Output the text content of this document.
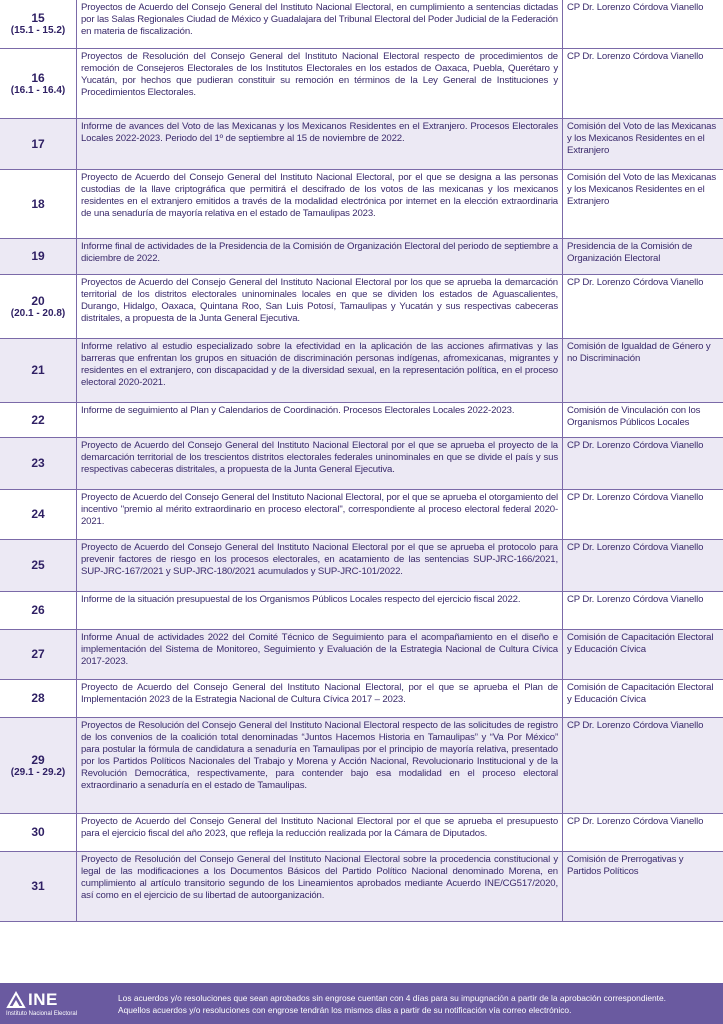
15
(15.1 - 15.2)
Proyectos de Acuerdo del Consejo General del Instituto Nacional Electoral, en cumplimiento a sentencias dictadas por las Salas Regionales Ciudad de México y Guadalajara del Tribunal Electoral del Poder Judicial de la Federación en materia de fiscalización.
CP Dr. Lorenzo Córdova Vianello
16
(16.1 - 16.4)
Proyectos de Resolución del Consejo General del Instituto Nacional Electoral respecto de procedimientos de remoción de Consejeros Electorales de los Institutos Electorales en los estados de Oaxaca, Puebla, Querétaro y Yucatán, por hechos que pudieran constituir su remoción en términos de la Ley General de Instituciones y Procedimientos Electorales.
CP Dr. Lorenzo Córdova Vianello
17
Informe de avances del Voto de las Mexicanas y los Mexicanos Residentes en el Extranjero. Procesos Electorales Locales 2022-2023. Periodo del 1º de septiembre al 15 de noviembre de 2022.
Comisión del Voto de las Mexicanas y los Mexicanos Residentes en el Extranjero
18
Proyecto de Acuerdo del Consejo General del Instituto Nacional Electoral, por el que se designa a las personas custodias de la llave criptográfica que permitirá el descifrado de los votos de las mexicanas y los mexicanos residentes en el extranjero emitidos a través de la modalidad electrónica por internet en la elección extraordinaria de una senaduría de mayoría relativa en el estado de Tamaulipas 2023.
Comisión del Voto de las Mexicanas y los Mexicanos Residentes en el Extranjero
19
Informe final de actividades de la Presidencia de la Comisión de Organización Electoral del periodo de septiembre a diciembre de 2022.
Presidencia de la Comisión de Organización Electoral
20
(20.1 - 20.8)
Proyectos de Acuerdo del Consejo General del Instituto Nacional Electoral por los que se aprueba la demarcación territorial de los distritos electorales uninominales locales en que se dividen los estados de Aguascalientes, Durango, Hidalgo, Oaxaca, Quintana Roo, San Luis Potosí, Tamaulipas y Yucatán y sus respectivas cabeceras distritales, a propuesta de la Junta General Ejecutiva.
CP Dr. Lorenzo Córdova Vianello
21
Informe relativo al estudio especializado sobre la efectividad en la aplicación de las acciones afirmativas y las barreras que enfrentan los grupos en situación de discriminación personas indígenas, afromexicanas, migrantes y residentes en el extranjero, con discapacidad y de la diversidad sexual, en la representación política, en el proceso electoral 2020-2021.
Comisión de Igualdad de Género y no Discriminación
22
Informe de seguimiento al Plan y Calendarios de Coordinación. Procesos Electorales Locales 2022-2023.	Comisión de Vinculación con los Organismos Públicos Locales
23
Proyecto de Acuerdo del Consejo General del Instituto Nacional Electoral por el que se aprueba el proyecto de la demarcación territorial de los trescientos distritos electorales federales uninominales en que se divide el país y sus respectivas cabeceras distritales, a propuesta de la Junta General Ejecutiva.
CP Dr. Lorenzo Córdova Vianello
24
Proyecto de Acuerdo del Consejo General del Instituto Nacional Electoral, por el que se aprueba el otorgamiento del incentivo "premio al mérito extraordinario en proceso electoral", correspondiente al proceso electoral federal 2020-2021.
CP Dr. Lorenzo Córdova Vianello
25
Proyecto de Acuerdo del Consejo General del Instituto Nacional Electoral por el que se aprueba el protocolo para prevenir factores de riesgo en los procesos electorales, en acatamiento de las sentencias SUP-JRC-166/2021, SUP-JRC-167/2021 y SUP-JRC-180/2021 acumulados y SUP-JRC-101/2022.
CP Dr. Lorenzo Córdova Vianello
26
Informe de la situación presupuestal de los Organismos Públicos Locales respecto del ejercicio fiscal 2022.	CP Dr. Lorenzo Córdova Vianello
27
Informe Anual de actividades 2022 del Comité Técnico de Seguimiento para el acompañamiento en el diseño e implementación del Sistema de Monitoreo, Seguimiento y Evaluación de la Estrategia Nacional de Cultura Cívica 2017-2023.
Comisión de Capacitación Electoral y Educación Cívica
28
Proyecto de Acuerdo del Consejo General del Instituto Nacional Electoral, por el que se aprueba el Plan de Implementación 2023 de la Estrategia Nacional de Cultura Cívica 2017 – 2023.
Comisión de Capacitación Electoral y Educación Cívica
29
(29.1 - 29.2)
Proyectos de Resolución del Consejo General del Instituto Nacional Electoral respecto de las solicitudes de registro de los convenios de la coalición total denominadas “Juntos Hacemos Historia en Tamaulipas” y “Va Por México” para postular la fórmula de candidatura a senaduría en Tamaulipas por el principio de mayoría relativa, presentado por los Partidos Políticos Nacionales del Trabajo y Morena y Acción Nacional, Revolucionario Institucional y de la Revolución Democrática, respectivamente, para contender bajo esa modalidad en el proceso electoral extraordinario a senaduría en el estado de Tamaulipas.
CP Dr. Lorenzo Córdova Vianello
30
Proyecto de Acuerdo del Consejo General del Instituto Nacional Electoral por el que se aprueba el presupuesto para el ejercicio fiscal del año 2023, que refleja la reducción realizada por la Cámara de Diputados.
CP Dr. Lorenzo Córdova Vianello
31
Proyecto de Resolución del Consejo General del Instituto Nacional Electoral sobre la procedencia constitucional y legal de las modificaciones a los Documentos Básicos del Partido Político Nacional denominado Morena, en cumplimiento al artículo transitorio segundo de los Lineamientos aprobados mediante Acuerdo INE/CG517/2020, así como en el ejercicio de su libertad de autoorganización.
Comisión de Prerrogativas y Partidos Políticos
INE
Instituto Nacional Electoral
Los acuerdos y/o resoluciones que sean aprobados sin engrose cuentan con 4 días para su impugnación a partir de la aprobación correspondiente.
Aquellos acuerdos y/o resoluciones con engrose tendrán los mismos días a partir de su notificación vía correo electrónico.
